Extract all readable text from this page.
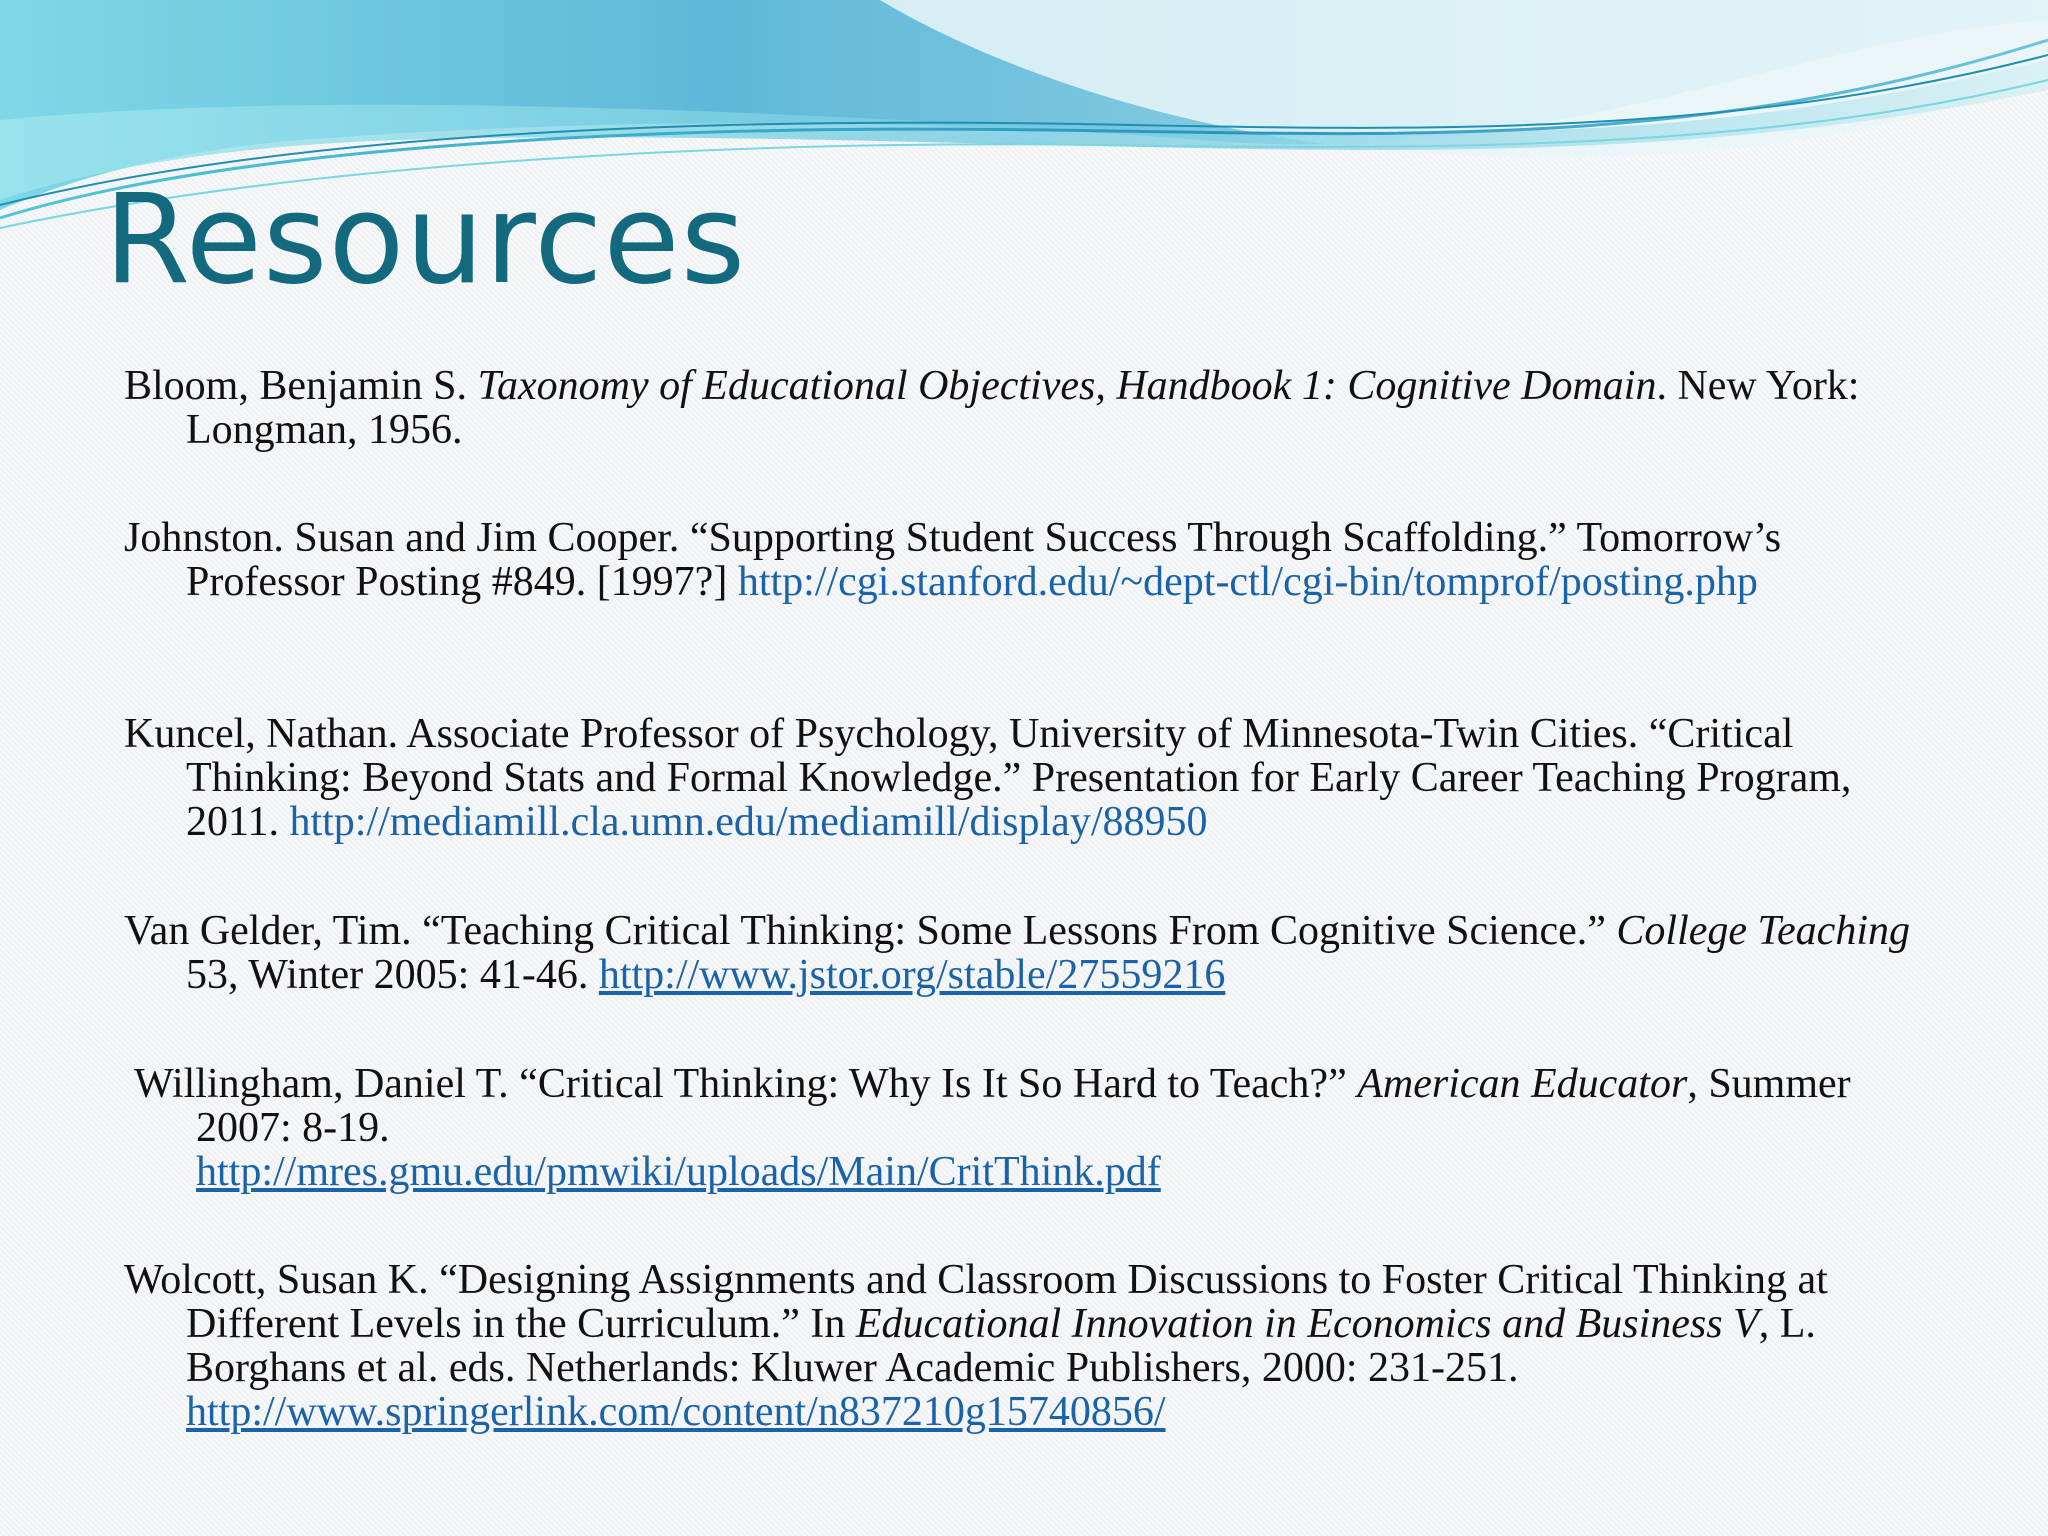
Resources
Bloom, Benjamin S. Taxonomy of Educational Objectives, Handbook 1: Cognitive Domain. New York: Longman, 1956.
Johnston. Susan and Jim Cooper. “Supporting Student Success Through Scaffolding.” Tomorrow’s Professor Posting #849. [1997?] http://cgi.stanford.edu/~dept-ctl/cgi-bin/tomprof/posting.php
Kuncel, Nathan. Associate Professor of Psychology, University of Minnesota-Twin Cities. “Critical Thinking: Beyond Stats and Formal Knowledge.” Presentation for Early Career Teaching Program, 2011. http://mediamill.cla.umn.edu/mediamill/display/88950
Van Gelder, Tim. “Teaching Critical Thinking: Some Lessons From Cognitive Science.” College Teaching 53, Winter 2005: 41-46. http://www.jstor.org/stable/27559216
Willingham, Daniel T. “Critical Thinking: Why Is It So Hard to Teach?” American Educator, Summer 2007: 8-19.
http://mres.gmu.edu/pmwiki/uploads/Main/CritThink.pdf
Wolcott, Susan K. “Designing Assignments and Classroom Discussions to Foster Critical Thinking at Different Levels in the Curriculum.” In Educational Innovation in Economics and Business V, L. Borghans et al. eds. Netherlands: Kluwer Academic Publishers, 2000: 231-251. http://www.springerlink.com/content/n837210g15740856/
